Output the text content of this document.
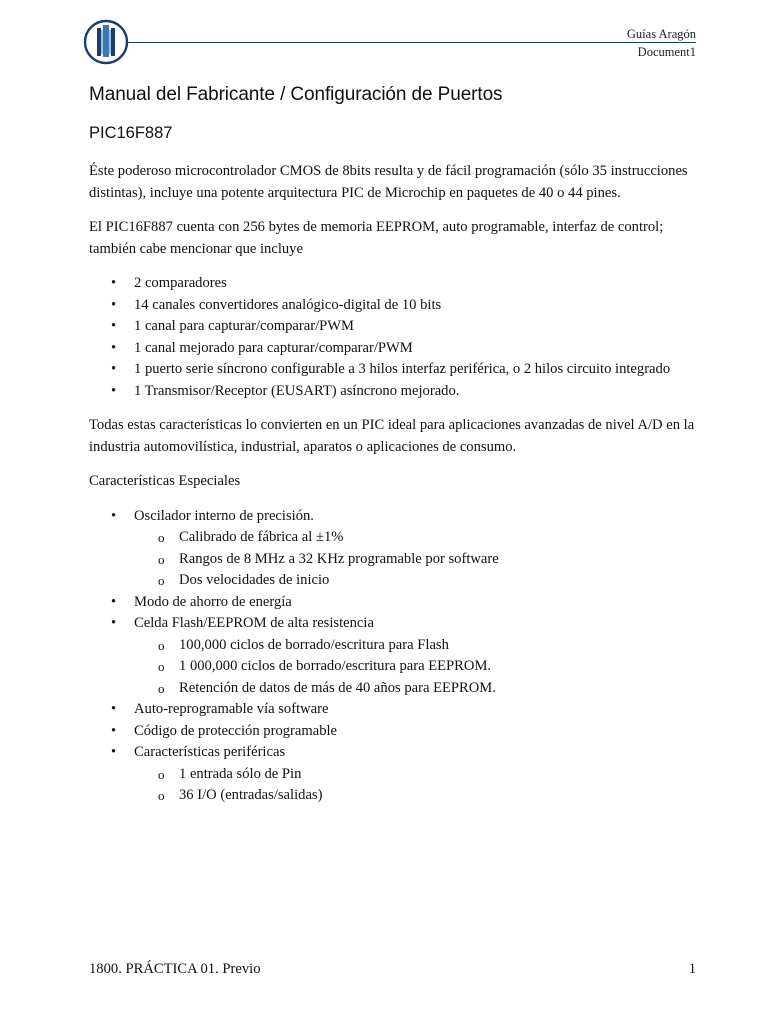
Guías Aragón
Document1
Manual del Fabricante / Configuración de Puertos
PIC16F887

Éste poderoso microcontrolador CMOS de 8bits resulta y de fácil programación (sólo 35 instrucciones distintas), incluye una potente arquitectura PIC de Microchip en paquetes de 40 o 44 pines.

El PIC16F887 cuenta con 256 bytes de memoria EEPROM, auto programable, interfaz de control; también cabe mencionar que incluye

• 2 comparadores
• 14 canales convertidores analógico-digital de 10 bits
• 1 canal para capturar/comparar/PWM
• 1 canal mejorado para capturar/comparar/PWM
• 1 puerto serie síncrono configurable a 3 hilos interfaz periférica, o 2 hilos circuito integrado
• 1 Transmisor/Receptor (EUSART) asíncrono mejorado.

Todas estas características lo convierten en un PIC ideal para aplicaciones avanzadas de nivel A/D en la industria automovilística, industrial, aparatos o aplicaciones de consumo.

Características Especiales

• Oscilador interno de precisión.
o Calibrado de fábrica al ±1%
o Rangos de 8 MHz a 32 KHz programable por software
o Dos velocidades de inicio
• Modo de ahorro de energía
• Celda Flash/EEPROM de alta resistencia
o 100,000 ciclos de borrado/escritura para Flash
o 1 000,000 ciclos de borrado/escritura para EEPROM.
o Retención de datos de más de 40 años para EEPROM.
• Auto-reprogramable vía software
• Código de protección programable
• Características periféricas
o 1 entrada sólo de Pin
o 36 I/O (entradas/salidas)
1800. PRÁCTICA 01. Previo	1
